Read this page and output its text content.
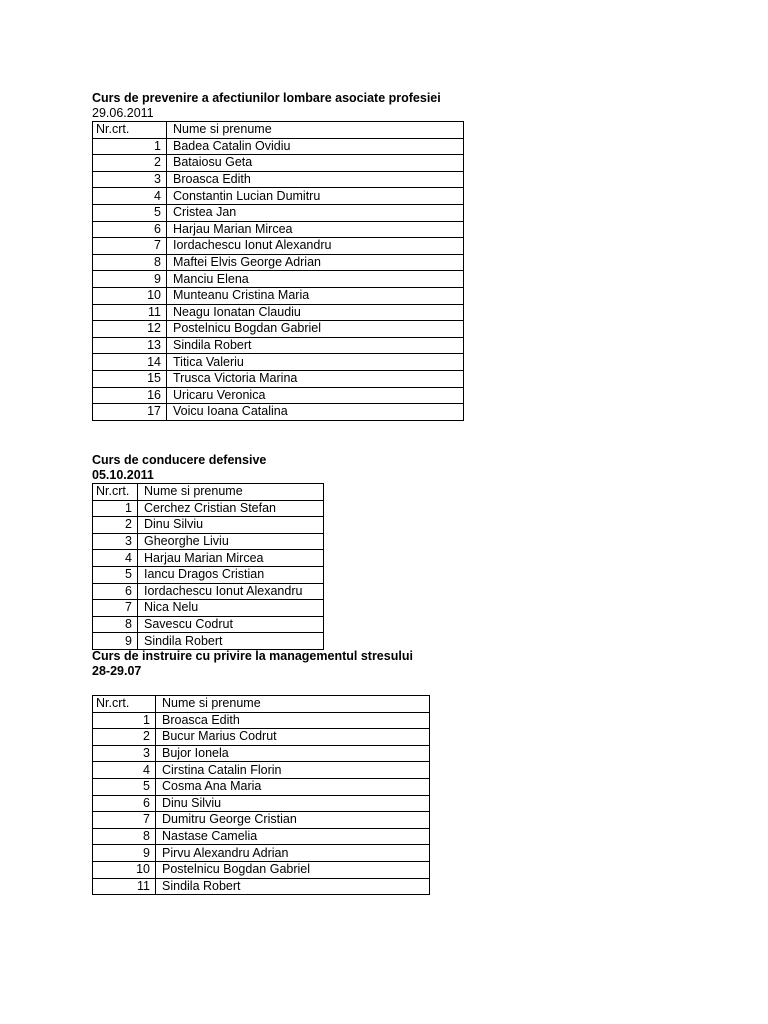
Curs de prevenire a afectiunilor lombare asociate profesiei
29.06.2011
Nr.crt.	Nume si prenume
1	Badea Catalin Ovidiu
2	Bataiosu Geta
3	Broasca Edith
4	Constantin Lucian Dumitru
5	Cristea Jan
6	Harjau Marian Mircea
7	Iordachescu Ionut Alexandru
8	Maftei Elvis George Adrian
9	Manciu Elena
10	Munteanu Cristina Maria
11	Neagu Ionatan Claudiu
12	Postelnicu Bogdan Gabriel
13	Sindila Robert
14	Titica Valeriu
15	Trusca Victoria Marina
16	Uricaru Veronica
17	Voicu Ioana Catalina
Curs de conducere defensive
05.10.2011
Nr.crt.	Nume si prenume
1	Cerchez Cristian Stefan
2	Dinu Silviu
3	Gheorghe Liviu
4	Harjau Marian Mircea
5	Iancu Dragos Cristian
6	Iordachescu Ionut Alexandru
7	Nica Nelu
8	Savescu Codrut
9	Sindila Robert
Curs de instruire cu privire la managementul stresului
28-29.07
Nr.crt.	Nume si prenume
1	Broasca Edith
2	Bucur Marius Codrut
3	Bujor Ionela
4	Cirstina Catalin Florin
5	Cosma Ana Maria
6	Dinu Silviu
7	Dumitru George Cristian
8	Nastase Camelia
9	Pirvu Alexandru Adrian
10	Postelnicu Bogdan Gabriel
11	Sindila Robert
